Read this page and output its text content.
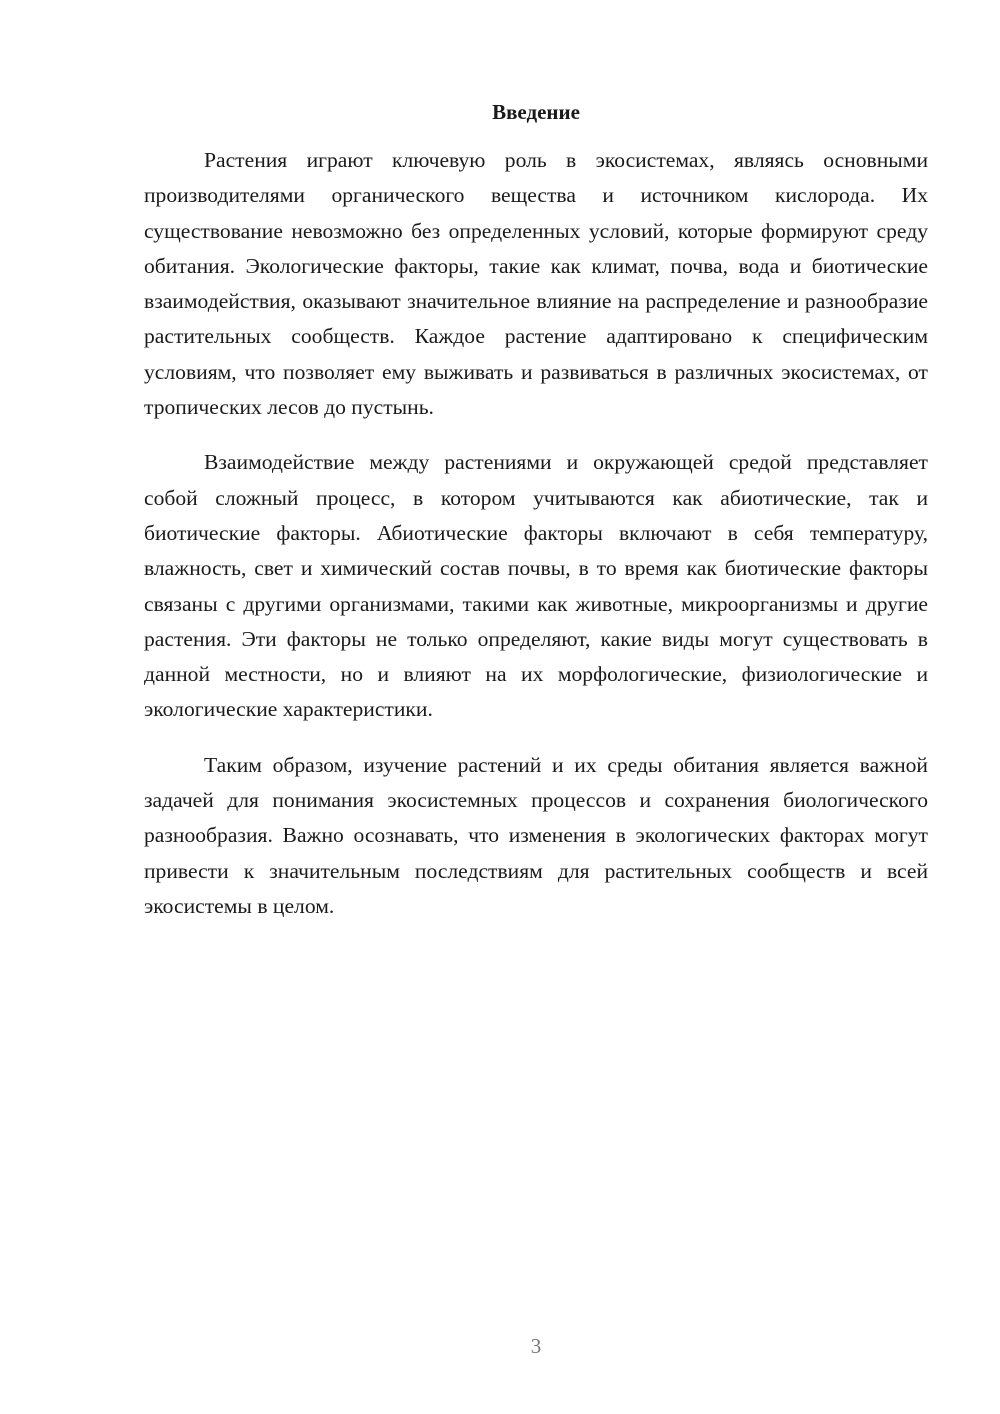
Введение

Растения играют ключевую роль в экосистемах, являясь основными производителями органического вещества и источником кислорода. Их существование невозможно без определенных условий, которые формируют среду обитания. Экологические факторы, такие как климат, почва, вода и биотические взаимодействия, оказывают значительное влияние на распределение и разнообразие растительных сообществ. Каждое растение адаптировано к специфическим условиям, что позволяет ему выживать и развиваться в различных экосистемах, от тропических лесов до пустынь.

Взаимодействие между растениями и окружающей средой представляет собой сложный процесс, в котором учитываются как абиотические, так и биотические факторы. Абиотические факторы включают в себя температуру, влажность, свет и химический состав почвы, в то время как биотические факторы связаны с другими организмами, такими как животные, микроорганизмы и другие растения. Эти факторы не только определяют, какие виды могут существовать в данной местности, но и влияют на их морфологические, физиологические и экологические характеристики.

Таким образом, изучение растений и их среды обитания является важной задачей для понимания экосистемных процессов и сохранения биологического разнообразия. Важно осознавать, что изменения в экологических факторах могут привести к значительным последствиям для растительных сообществ и всей экосистемы в целом.

3
